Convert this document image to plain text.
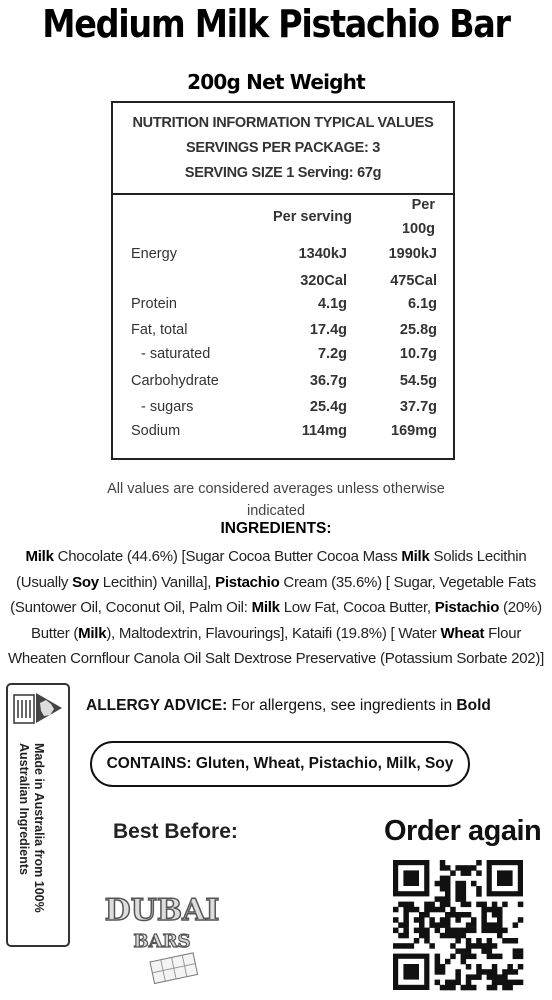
Medium Milk Pistachio Bar
200g Net Weight
NUTRITION INFORMATION TYPICAL VALUES
SERVINGS PER PACKAGE: 3
SERVING SIZE 1 Serving: 67g
Per serving
Per
100g
Energy	1340kJ	1990kJ
320Cal	475Cal
Protein	4.1g	6.1g
Fat, total	17.4g	25.8g
- saturated	7.2g	10.7g
Carbohydrate	36.7g	54.5g
- sugars	25.4g	37.7g
Sodium	114mg	169mg
All values are considered averages unless otherwise indicated
INGREDIENTS:
Milk Chocolate (44.6%) [Sugar Cocoa Butter Cocoa Mass Milk Solids Lecithin (Usually Soy Lecithin) Vanilla], Pistachio Cream (35.6%) [ Sugar, Vegetable Fats (Suntower Oil, Coconut Oil, Palm Oil: Milk Low Fat, Cocoa Butter, Pistachio (20%) Butter (Milk), Maltodextrin, Flavourings], Kataifi (19.8%) [ Water Wheat Flour Wheaten Cornflour Canola Oil Salt Dextrose Preservative (Potassium Sorbate 202)]
Made in Australia from 100% Australian Ingredients
ALLERGY ADVICE: For allergens, see ingredients in Bold
CONTAINS: Gluten, Wheat, Pistachio, Milk, Soy
Best Before:	Order again
DUBAI
BARS
